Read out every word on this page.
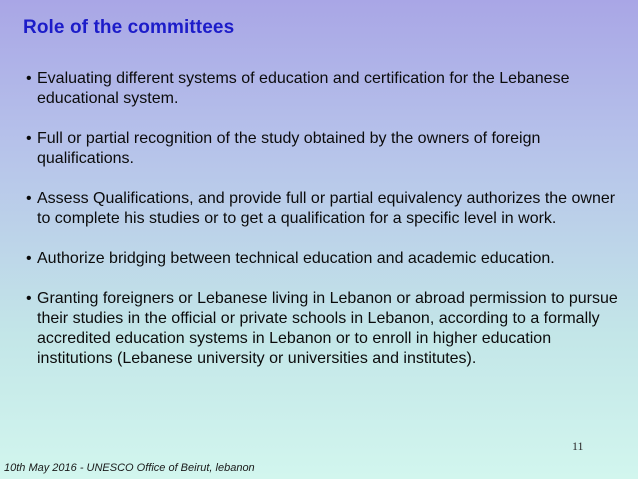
Role of the committees
• Evaluating different systems of education and certification for the Lebanese educational system.
• Full or partial recognition of the study obtained by the owners of foreign qualifications.
• Assess Qualifications, and provide full or partial equivalency authorizes the owner to complete his studies or to get a qualification for a specific level in work.
• Authorize bridging between technical education and academic education.
• Granting foreigners or Lebanese living in Lebanon or abroad permission to pursue their studies in the official or private schools in Lebanon, according to a formally accredited education systems in Lebanon or to enroll in higher education institutions (Lebanese university or universities and institutes).
11
10th May 2016 - UNESCO Office of Beirut, lebanon
